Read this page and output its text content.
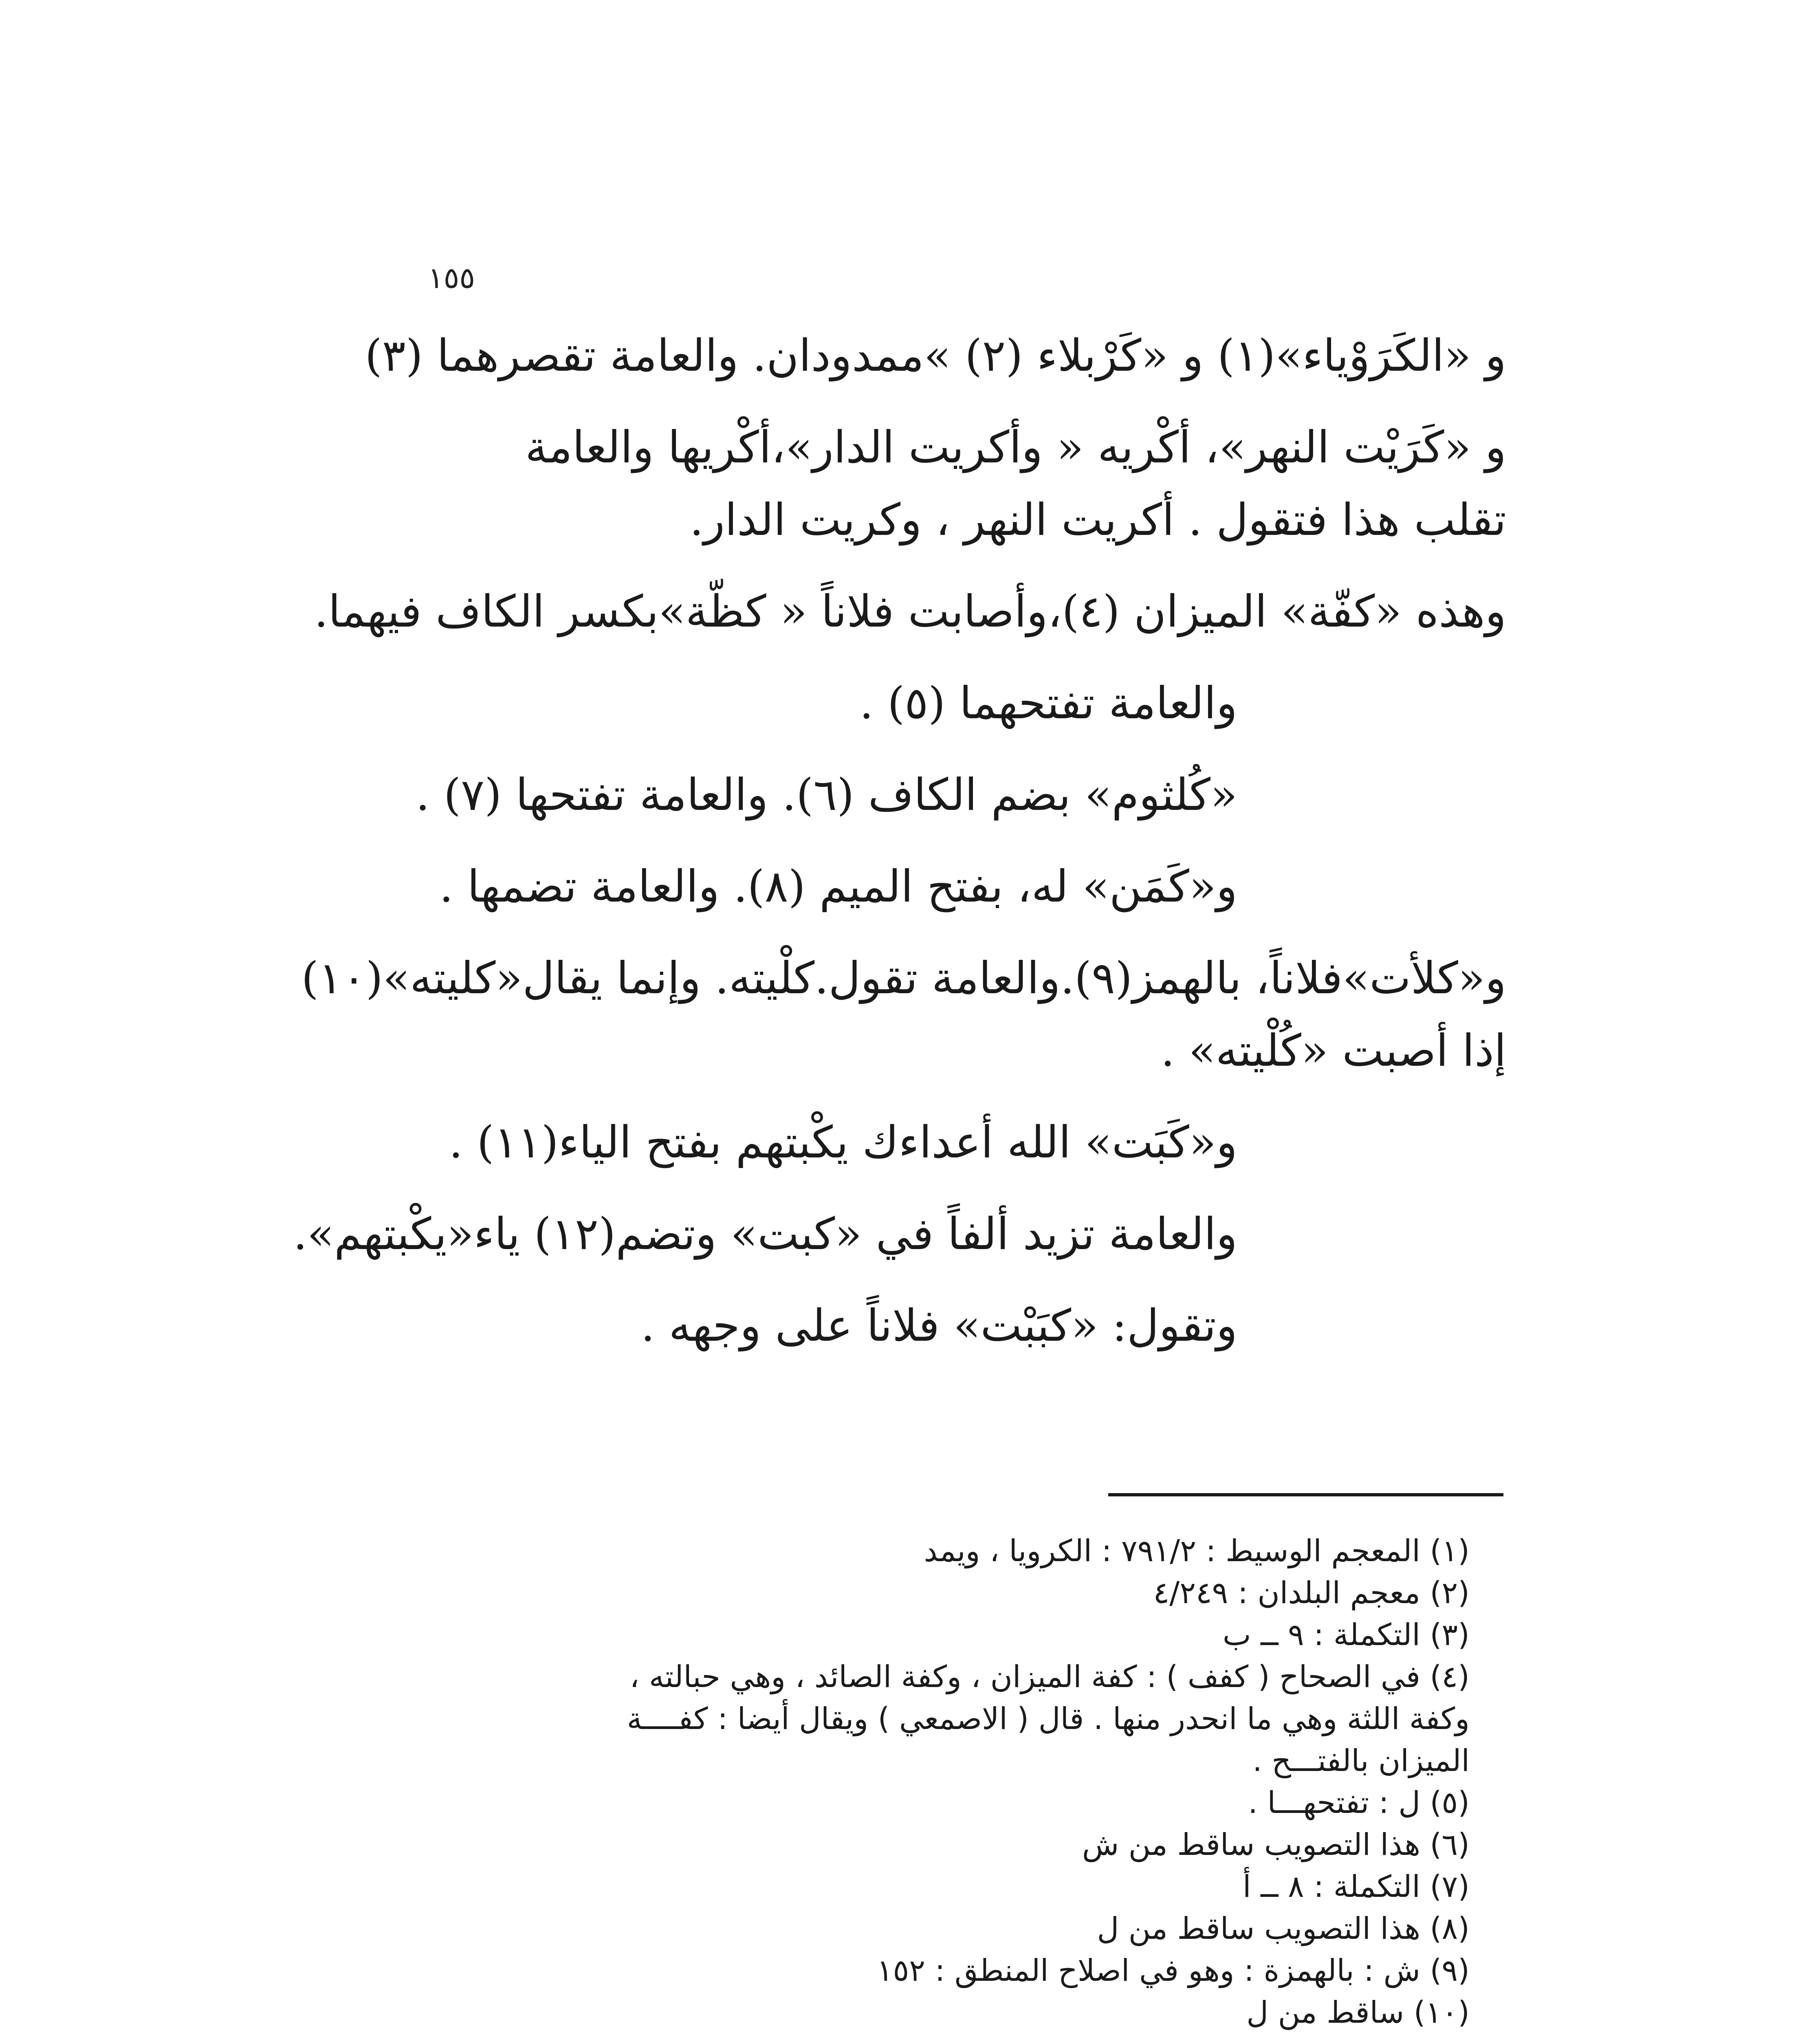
١٥٥
و «الكَرَوْياء»(١) و «كَرْبلاء (٢) »ممدودان. والعامة تقصرهما (٣)
و «كَرَيْت النهر»، أكْريه « وأكريت الدار»،أكْريها والعامة
تقلب هذا فتقول . أكريت النهر ، وكريت الدار.
وهذه «كفّة» الميزان (٤)،وأصابت فلاناً « كظّة»بكسر الكاف فيهما.
والعامة تفتحهما (٥) .
«كُلثوم» بضم الكاف (٦). والعامة تفتحها (٧) .
و«كَمَن» له، بفتح الميم (٨). والعامة تضمها .
و«كلأت»فلاناً، بالهمز(٩).والعامة تقول.كلْيته. وإنما يقال«كليته»(١٠)
إذا أصبت «كُلْيته» .
و«كَبَت» الله أعداءك يكْبتهم بفتح الياء(١١) .
والعامة تزيد ألفاً في «كبت» وتضم(١٢) ياء«يكْبتهم».
وتقول: «كبَبْت» فلاناً على وجهه .
(١) المعجم الوسيط : ٧٩١/٢ : الكرويا ، ويمد
(٢) معجم البلدان : ٤/٢٤٩
(٣) التكملة : ٩ ــ ب
(٤) في الصحاح ( كفف ) : كفة الميزان ، وكفة الصائد ، وهي حبالته ،
وكفة اللثة وهي ما انحدر منها . قال ( الاصمعي ) ويقال أيضا : كفــــة
الميزان بالفتـــح .
(٥) ل : تفتحهـــا .
(٦) هذا التصويب ساقط من ش
(٧) التكملة : ٨ ــ أ
(٨) هذا التصويب ساقط من ل
(٩) ش : بالهمزة : وهو في اصلاح المنطق : ١٥٢
(١٠) ساقط من ل
